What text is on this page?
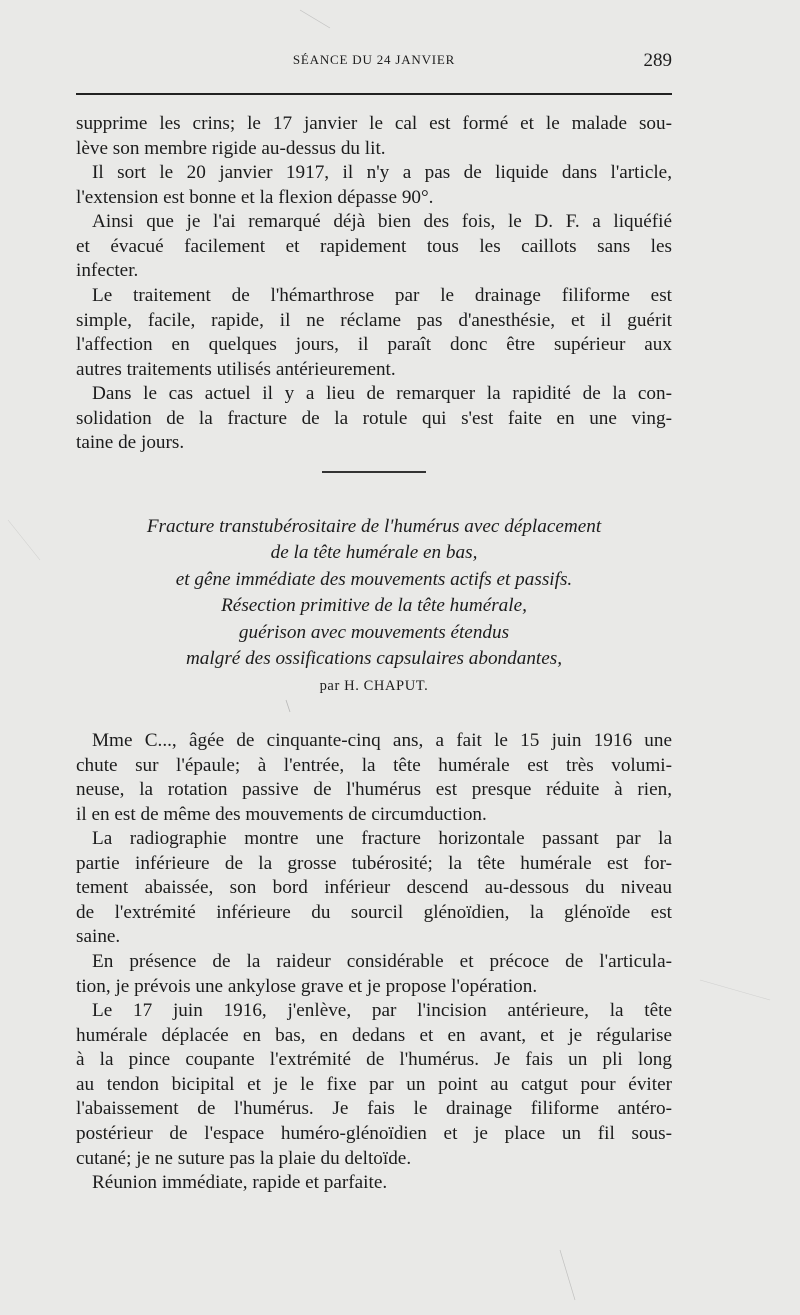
SÉANCE DU 24 JANVIER	289
supprime les crins; le 17 janvier le cal est formé et le malade sou-
lève son membre rigide au-dessus du lit.
Il sort le 20 janvier 1917, il n'y a pas de liquide dans l'article,
l'extension est bonne et la flexion dépasse 90°.
Ainsi que je l'ai remarqué déjà bien des fois, le D. F. a liquéfié
et évacué facilement et rapidement tous les caillots sans les
infecter.
Le traitement de l'hémarthrose par le drainage filiforme est
simple, facile, rapide, il ne réclame pas d'anesthésie, et il guérit
l'affection en quelques jours, il paraît donc être supérieur aux
autres traitements utilisés antérieurement.
Dans le cas actuel il y a lieu de remarquer la rapidité de la con-
solidation de la fracture de la rotule qui s'est faite en une ving-
taine de jours.
Fracture transtubérositaire de l'humérus avec déplacement
de la tête humérale en bas,
et gêne immédiate des mouvements actifs et passifs.
Résection primitive de la tête humérale,
guérison avec mouvements étendus
malgré des ossifications capsulaires abondantes,
par H. CHAPUT.
Mme C..., âgée de cinquante-cinq ans, a fait le 15 juin 1916 une
chute sur l'épaule; à l'entrée, la tête humérale est très volumi-
neuse, la rotation passive de l'humérus est presque réduite à rien,
il en est de même des mouvements de circumduction.
La radiographie montre une fracture horizontale passant par la
partie inférieure de la grosse tubérosité; la tête humérale est for-
tement abaissée, son bord inférieur descend au-dessous du niveau
de l'extrémité inférieure du sourcil glénoïdien, la glénoïde est
saine.
En présence de la raideur considérable et précoce de l'articula-
tion, je prévois une ankylose grave et je propose l'opération.
Le 17 juin 1916, j'enlève, par l'incision antérieure, la tête
humérale déplacée en bas, en dedans et en avant, et je régularise
à la pince coupante l'extrémité de l'humérus. Je fais un pli long
au tendon bicipital et je le fixe par un point au catgut pour éviter
l'abaissement de l'humérus. Je fais le drainage filiforme antéro-
postérieur de l'espace huméro-glénoïdien et je place un fil sous-
cutané; je ne suture pas la plaie du deltoïde.
Réunion immédiate, rapide et parfaite.
